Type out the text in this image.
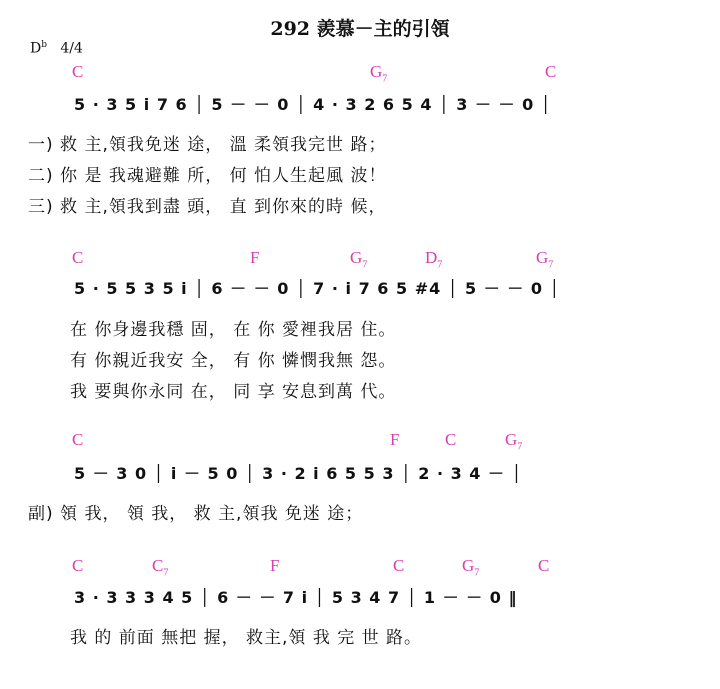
292 羨慕－主的引領
$D^b$ 4/4
C	$G_7$	C
5 · 3 5 i 7 6 │ 5 － － 0 │ 4 · 3 2 6 5 4 │ 3 － － 0 │
一) 救 主,領我免迷 途， 溫 柔領我完世 路；
二) 你 是 我魂避難 所， 何 怕人生起風 波！
三) 救 主,領我到盡 頭， 直 到你來的時 候，
C	F	$G_7$	$D_7$	$G_7$
5 · 5 5 3 5 i │ 6 － － 0 │ 7 · i 7 6 5 #4 │ 5 － － 0 │
在 你身邊我穩 固， 在 你 愛裡我居 住。
有 你親近我安 全， 有 你 憐憫我無 怨。
我 要與你永同 在， 同 享 安息到萬 代。
C	F	C	$G_7$
5 － 3 0 │ i － 5 0 │ 3 · 2 i 6 5 5 3 │ 2 · 3 4 － │
副) 領 我， 領 我， 救 主,領我 免迷 途；
C	$C_7$	F	C	$G_7$	C
3 · 3 3 3 4 5 │ 6 － － 7 i │ 5 3 4 7 │ 1 － － 0 ‖
我 的 前面 無把 握， 救主,領 我 完 世 路。
